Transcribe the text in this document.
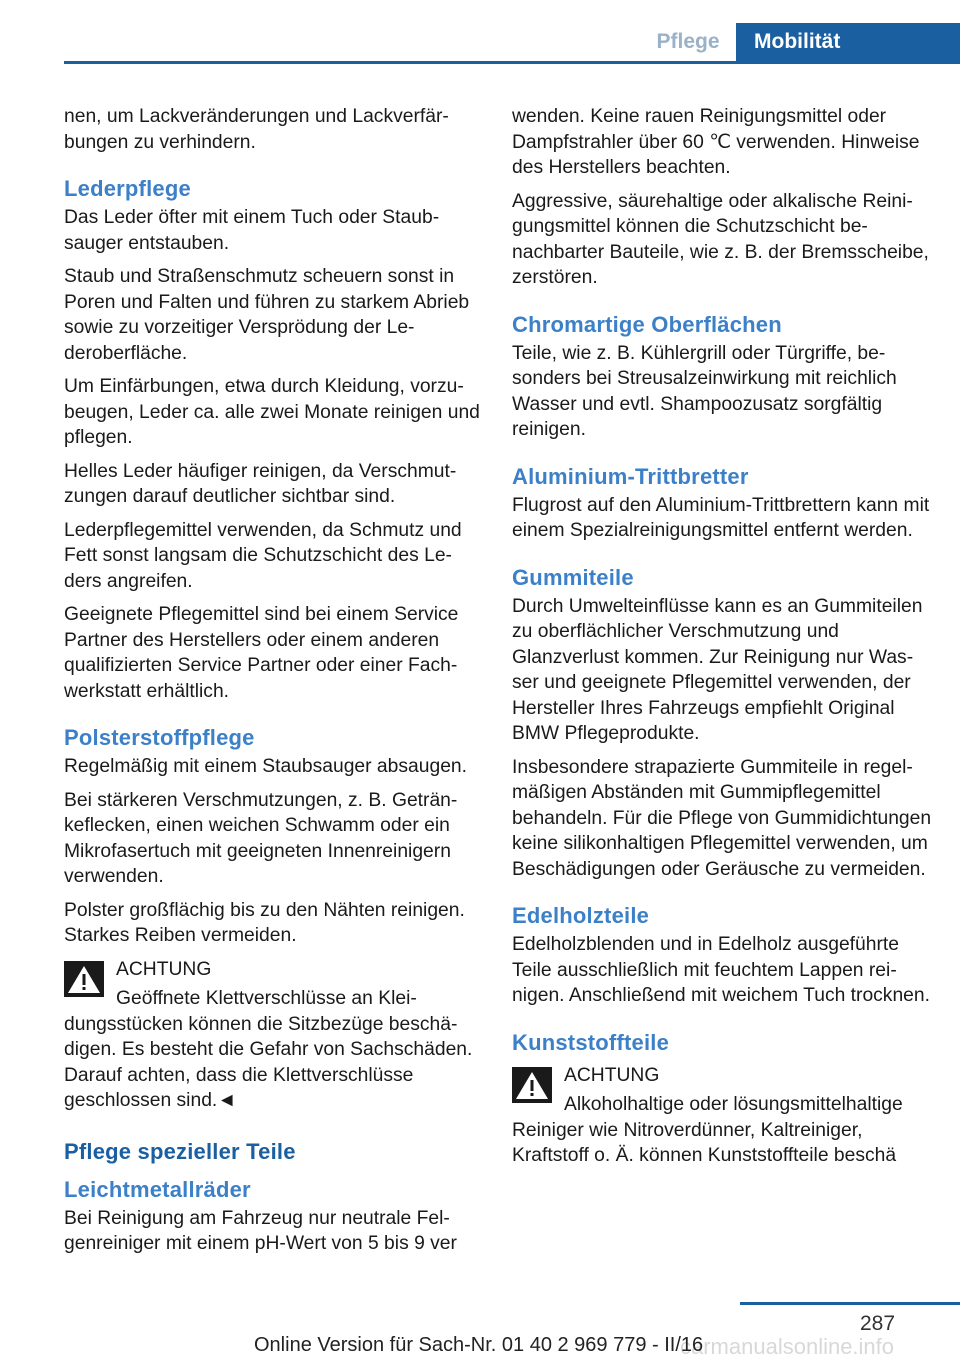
Pflege	Mobilität

nen, um Lackveränderungen und Lackverfärbungen zu verhindern.

Lederpflege

Das Leder öfter mit einem Tuch oder Staubsauger entstauben.

Staub und Straßenschmutz scheuern sonst in Poren und Falten und führen zu starkem Abrieb sowie zu vorzeitiger Versprödung der Lederoberfläche.

Um Einfärbungen, etwa durch Kleidung, vorzubeugen, Leder ca. alle zwei Monate reinigen und pflegen.

Helles Leder häufiger reinigen, da Verschmutzungen darauf deutlicher sichtbar sind.

Lederpflegemittel verwenden, da Schmutz und Fett sonst langsam die Schutzschicht des Leders angreifen.

Geeignete Pflegemittel sind bei einem Service Partner des Herstellers oder einem anderen qualifizierten Service Partner oder einer Fachwerkstatt erhältlich.

Polsterstoffpflege

Regelmäßig mit einem Staubsauger absaugen.

Bei stärkeren Verschmutzungen, z. B. Getränkeflecken, einen weichen Schwamm oder ein Mikrofasertuch mit geeigneten Innenreinigern verwenden.

Polster großflächig bis zu den Nähten reinigen. Starkes Reiben vermeiden.

ACHTUNG

Geöffnete Klettverschlüsse an Kleidungsstücken können die Sitzbezüge beschädigen. Es besteht die Gefahr von Sachschäden. Darauf achten, dass die Klettverschlüsse geschlossen sind.◄

Pflege spezieller Teile
Leichtmetallräder

Bei Reinigung am Fahrzeug nur neutrale Felgenreiniger mit einem pH-Wert von 5 bis 9 ver

wenden. Keine rauen Reinigungsmittel oder Dampfstrahler über 60 ℃ verwenden. Hinweise des Herstellers beachten.

Aggressive, säurehaltige oder alkalische Reinigungsmittel können die Schutzschicht benachbarter Bauteile, wie z. B. der Bremsscheibe, zerstören.

Chromartige Oberflächen

Teile, wie z. B. Kühlergrill oder Türgriffe, besonders bei Streusalzeinwirkung mit reichlich Wasser und evtl. Shampoozusatz sorgfältig reinigen.

Aluminium-Trittbretter

Flugrost auf den Aluminium-Trittbrettern kann mit einem Spezialreinigungsmittel entfernt werden.

Gummiteile

Durch Umwelteinflüsse kann es an Gummiteilen zu oberflächlicher Verschmutzung und Glanzverlust kommen. Zur Reinigung nur Wasser und geeignete Pflegemittel verwenden, der Hersteller Ihres Fahrzeugs empfiehlt Original BMW Pflegeprodukte.

Insbesondere strapazierte Gummiteile in regelmäßigen Abständen mit Gummipflegemittel behandeln. Für die Pflege von Gummidichtungen keine silikonhaltigen Pflegemittel verwenden, um Beschädigungen oder Geräusche zu vermeiden.

Edelholzteile

Edelholzblenden und in Edelholz ausgeführte Teile ausschließlich mit feuchtem Lappen reinigen. Anschließend mit weichem Tuch trocknen.

Kunststoffteile
ACHTUNG

Alkoholhaltige oder lösungsmittelhaltige Reiniger wie Nitroverdünner, Kaltreiniger, Kraftstoff o. Ä. können Kunststoffteile beschä

287
carmanualsonline.info
Online Version für Sach-Nr. 01 40 2 969 779 - II/16
